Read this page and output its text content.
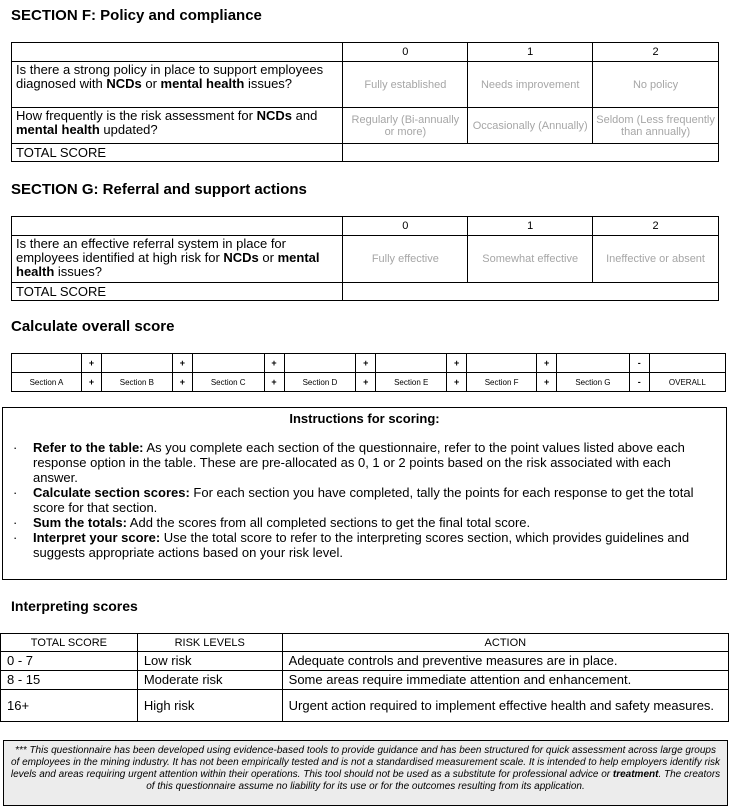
SECTION F: Policy and compliance
	0	1	2
Is there a strong policy in place to support employees diagnosed with NCDs or mental health issues?	Fully established	Needs improvement	No policy
How frequently is the risk assessment for NCDs and mental health updated?	Regularly (Bi-annually or more)	Occasionally (Annually)	Seldom (Less frequently than annually)
TOTAL SCORE			
SECTION G: Referral and support actions
	0	1	2
Is there an effective referral system in place for employees identified at high risk for NCDs or mental health issues?	Fully effective	Somewhat effective	Ineffective or absent
TOTAL SCORE			
Calculate overall score
	+		+		+		+		+		+		-	
Section A	+	Section B	+	Section C	+	Section D	+	Section E	+	Section F	+	Section G	-	OVERALL
Instructions for scoring:
· Refer to the table: As you complete each section of the questionnaire, refer to the point values listed above each response option in the table. These are pre-allocated as 0, 1 or 2 points based on the risk associated with each answer.
· Calculate section scores: For each section you have completed, tally the points for each response to get the total score for that section.
· Sum the totals: Add the scores from all completed sections to get the final total score.
· Interpret your score: Use the total score to refer to the interpreting scores section, which provides guidelines and suggests appropriate actions based on your risk level.
Interpreting scores
TOTAL SCORE	RISK LEVELS	ACTION
0 - 7	Low risk	Adequate controls and preventive measures are in place.
8 - 15	Moderate risk	Some areas require immediate attention and enhancement.
16+	High risk	Urgent action required to implement effective health and safety measures.
*** This questionnaire has been developed using evidence-based tools to provide guidance and has been structured for quick assessment across large groups of employees in the mining industry. It has not been empirically tested and is not a standardised measurement scale. It is intended to help employers identify risk levels and areas requiring urgent attention within their operations. This tool should not be used as a substitute for professional advice or treatment. The creators of this questionnaire assume no liability for its use or for the outcomes resulting from its application.
